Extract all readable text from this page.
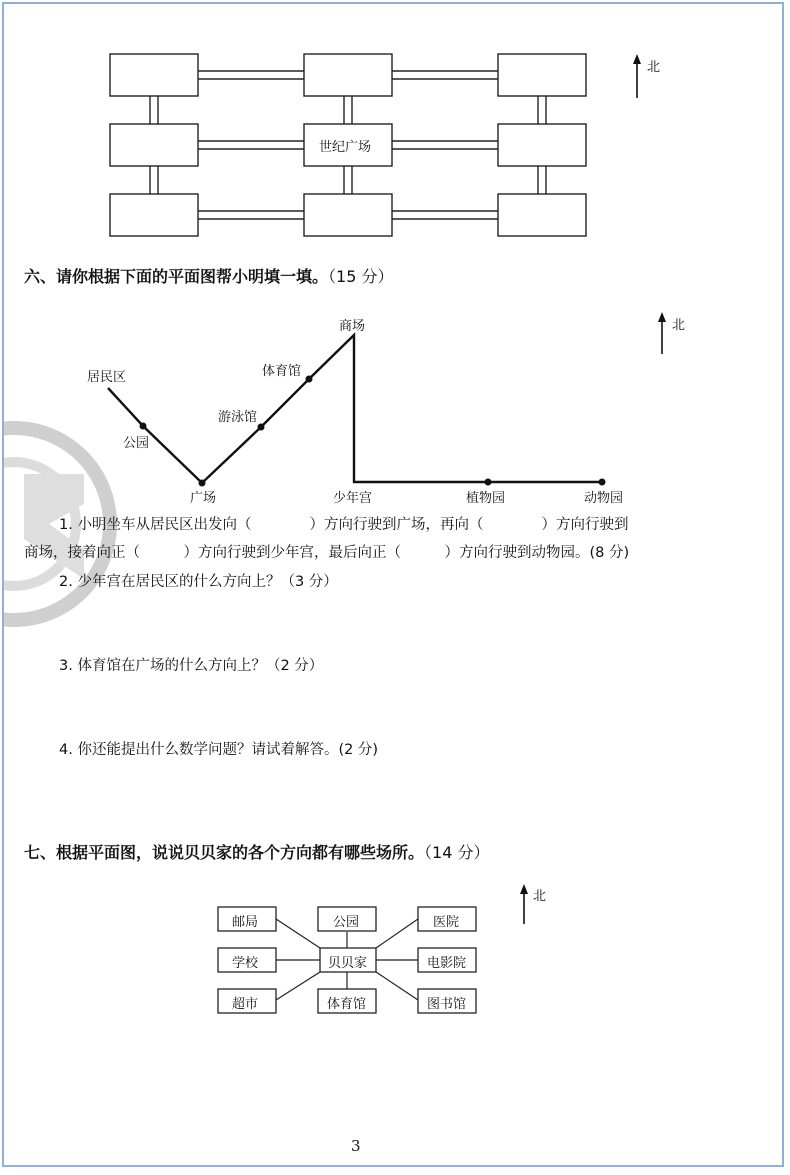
世纪广场
北
六、请你根据下面的平面图帮小明填一填。（15 分）
北
居民区
公园
广场
游泳馆
体育馆
商场
少年宫	植物园	动物园
1. 小明坐车从居民区出发向（　　　　）方向行驶到广场，再向（　　　　）方向行驶到
商场，接着向正（　　　）方向行驶到少年宫，最后向正（　　　）方向行驶到动物园。(8 分)
2. 少年宫在居民区的什么方向上？（3 分）
3. 体育馆在广场的什么方向上？（2 分）
4. 你还能提出什么数学问题？请试着解答。(2 分)
七、根据平面图，说说贝贝家的各个方向都有哪些场所。（14 分）
北
邮局	公园	医院
学校	贝贝家	电影院
超市	体育馆	图书馆
3
